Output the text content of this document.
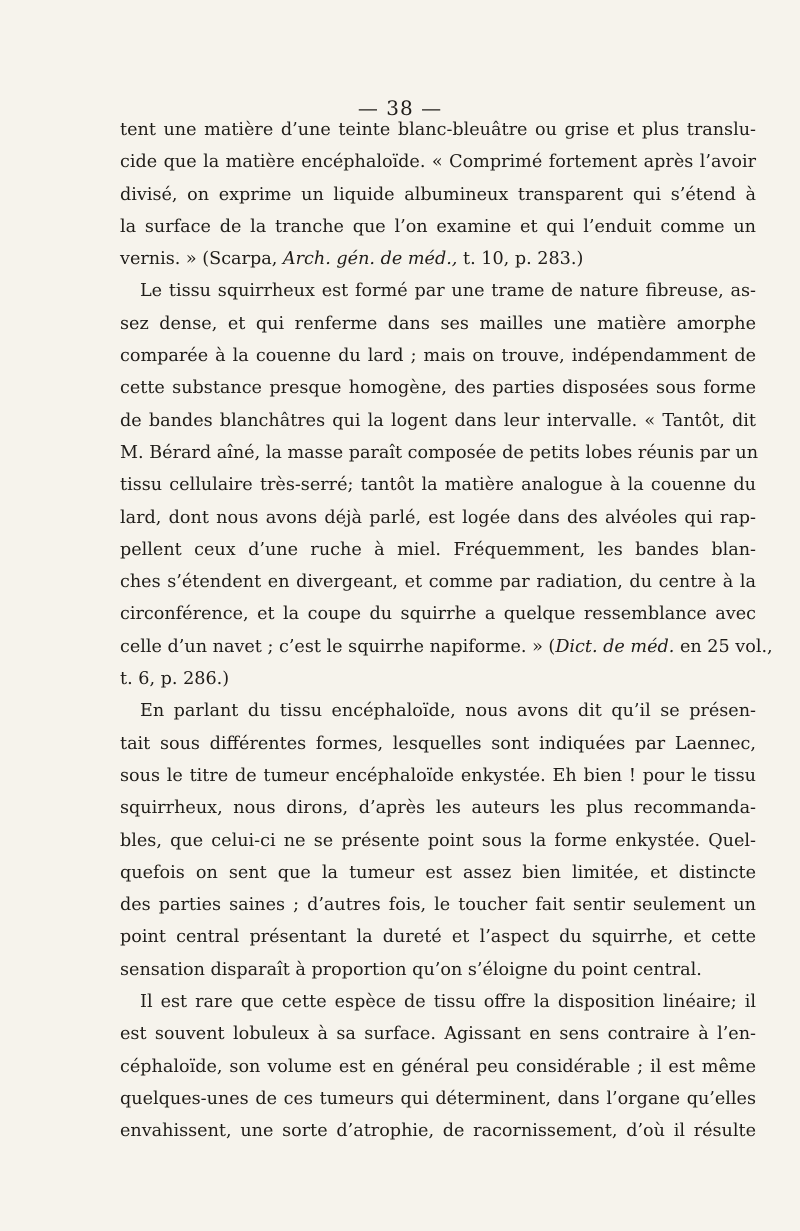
— 38 —
tent une matière d’une teinte blanc-bleuâtre ou grise et plus translu-
cide que la matière encéphaloïde. « Comprimé fortement après l’avoir
divisé, on exprime un liquide albumineux transparent qui s’étend à
la surface de la tranche que l’on examine et qui l’enduit comme un
vernis. » (Scarpa, Arch. gén. de méd., t. 10, p. 283.)
Le tissu squirrheux est formé par une trame de nature fibreuse, as-
sez dense, et qui renferme dans ses mailles une matière amorphe
comparée à la couenne du lard ; mais on trouve, indépendamment de
cette substance presque homogène, des parties disposées sous forme
de bandes blanchâtres qui la logent dans leur intervalle. « Tantôt, dit
M. Bérard aîné, la masse paraît composée de petits lobes réunis par un
tissu cellulaire très-serré; tantôt la matière analogue à la couenne du
lard, dont nous avons déjà parlé, est logée dans des alvéoles qui rap-
pellent ceux d’une ruche à miel. Fréquemment, les bandes blan-
ches s’étendent en divergeant, et comme par radiation, du centre à la
circonférence, et la coupe du squirrhe a quelque ressemblance avec
celle d’un navet ; c’est le squirrhe napiforme. » (Dict. de méd. en 25 vol.,
t. 6, p. 286.)
En parlant du tissu encéphaloïde, nous avons dit qu’il se présen-
tait sous différentes formes, lesquelles sont indiquées par Laennec,
sous le titre de tumeur encéphaloïde enkystée. Eh bien ! pour le tissu
squirrheux, nous dirons, d’après les auteurs les plus recommanda-
bles, que celui-ci ne se présente point sous la forme enkystée. Quel-
quefois on sent que la tumeur est assez bien limitée, et distincte
des parties saines ; d’autres fois, le toucher fait sentir seulement un
point central présentant la dureté et l’aspect du squirrhe, et cette
sensation disparaît à proportion qu’on s’éloigne du point central.
Il est rare que cette espèce de tissu offre la disposition linéaire; il
est souvent lobuleux à sa surface. Agissant en sens contraire à l’en-
céphaloïde, son volume est en général peu considérable ; il est même
quelques-unes de ces tumeurs qui déterminent, dans l’organe qu’elles
envahissent, une sorte d’atrophie, de racornissement, d’où il résulte
